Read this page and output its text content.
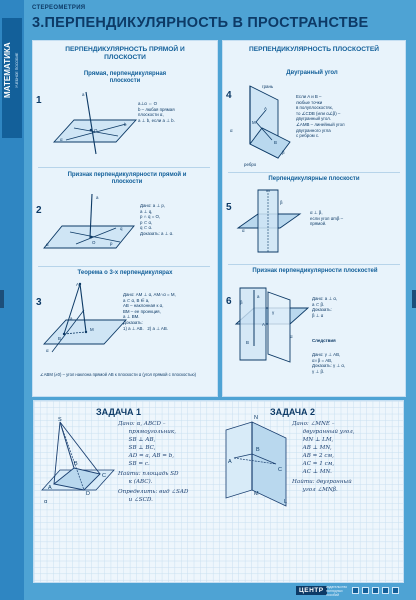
МАТЕМАТИКА УЧЕБНОЕ ПОСОБИЕ
СТЕРЕОМЕТРИЯ
3.ПЕРПЕНДИКУЛЯРНОСТЬ В ПРОСТРАНСТВЕ
ПЕРПЕНДИКУЛЯРНОСТЬ ПРЯМОЙ И ПЛОСКОСТИ
Прямая, перпендикулярная плоскости
1
a
O
b
α
a⊥α ⇔ O
b – любая прямая
плоскости α,
a ⊥ b, если a ⊥ b.
Признак перпендикулярности прямой и плоскости
2
a
q
O	p
α
Дано: a ⊥ p,
a ⊥ q,
p ∩ q = O,
p ⊂ α,
q ⊂ α.
Доказать: a ⊥ α.
Теорема о 3-х перпендикулярах
3
A
B
M
a
α
Дано: AM ⊥ α, AM∩α = M,
a ⊂ α, B ∈ a,
AB – наклонная к α,
BM – ее проекция,
a ⊥ BM.
Доказать:
1) a ⊥ AB.   2) a ⊥ AB.
∠ABM (≠0) – угол наклона прямой AB к плоскости α (угол прямой с плоскостью)
ПЕРПЕНДИКУЛЯРНОСТЬ ПЛОСКОСТЕЙ
Двугранный угол
4
A
α
M
β
ребро
грань
B
Если A и B –
любые точки
в полуплоскостях,
то ∠CDB (или α∠β) –
двугранный угол.
∠AMB – линейный угол
двугранного угла
с ребром c.
Перпендикулярные плоскости
5
m
α
β
α ⊥ β,
если угол αmβ –
прямой.
Признак перпендикулярности плоскостей
6 β
γ
a
α
A
B
Дано: a ⊥ α,
a ⊂ β.
Доказать:
β ⊥ α
Следствия
Дано: γ ⊥ AB,
α∩β = AB,
Доказать: γ ⊥ α,
γ ⊥ β.
ЗАДАЧА 1
S
A
B
C
D
α
Дано: α, ABCD –
прямоугольник,
SB ⊥ AB,
SB ⊥ BC,
AD = a, AB = b,
SB = c.
Найти: площадь SD
к (ABC).
Определить: вид ∠SAD
и ∠SCD.
ЗАДАЧА 2
N
M
A
B
C
L
Дано: ∠MNE –
двугранный угол,
MN ⊥ LM,
AB ⊥ MN,
AB = 2 см,
AC = 1 см,
AC ⊥ MN.
Найти: двугранный
угол ∠MNβ.
ЦЕНТР издательство
наглядных
пособий
